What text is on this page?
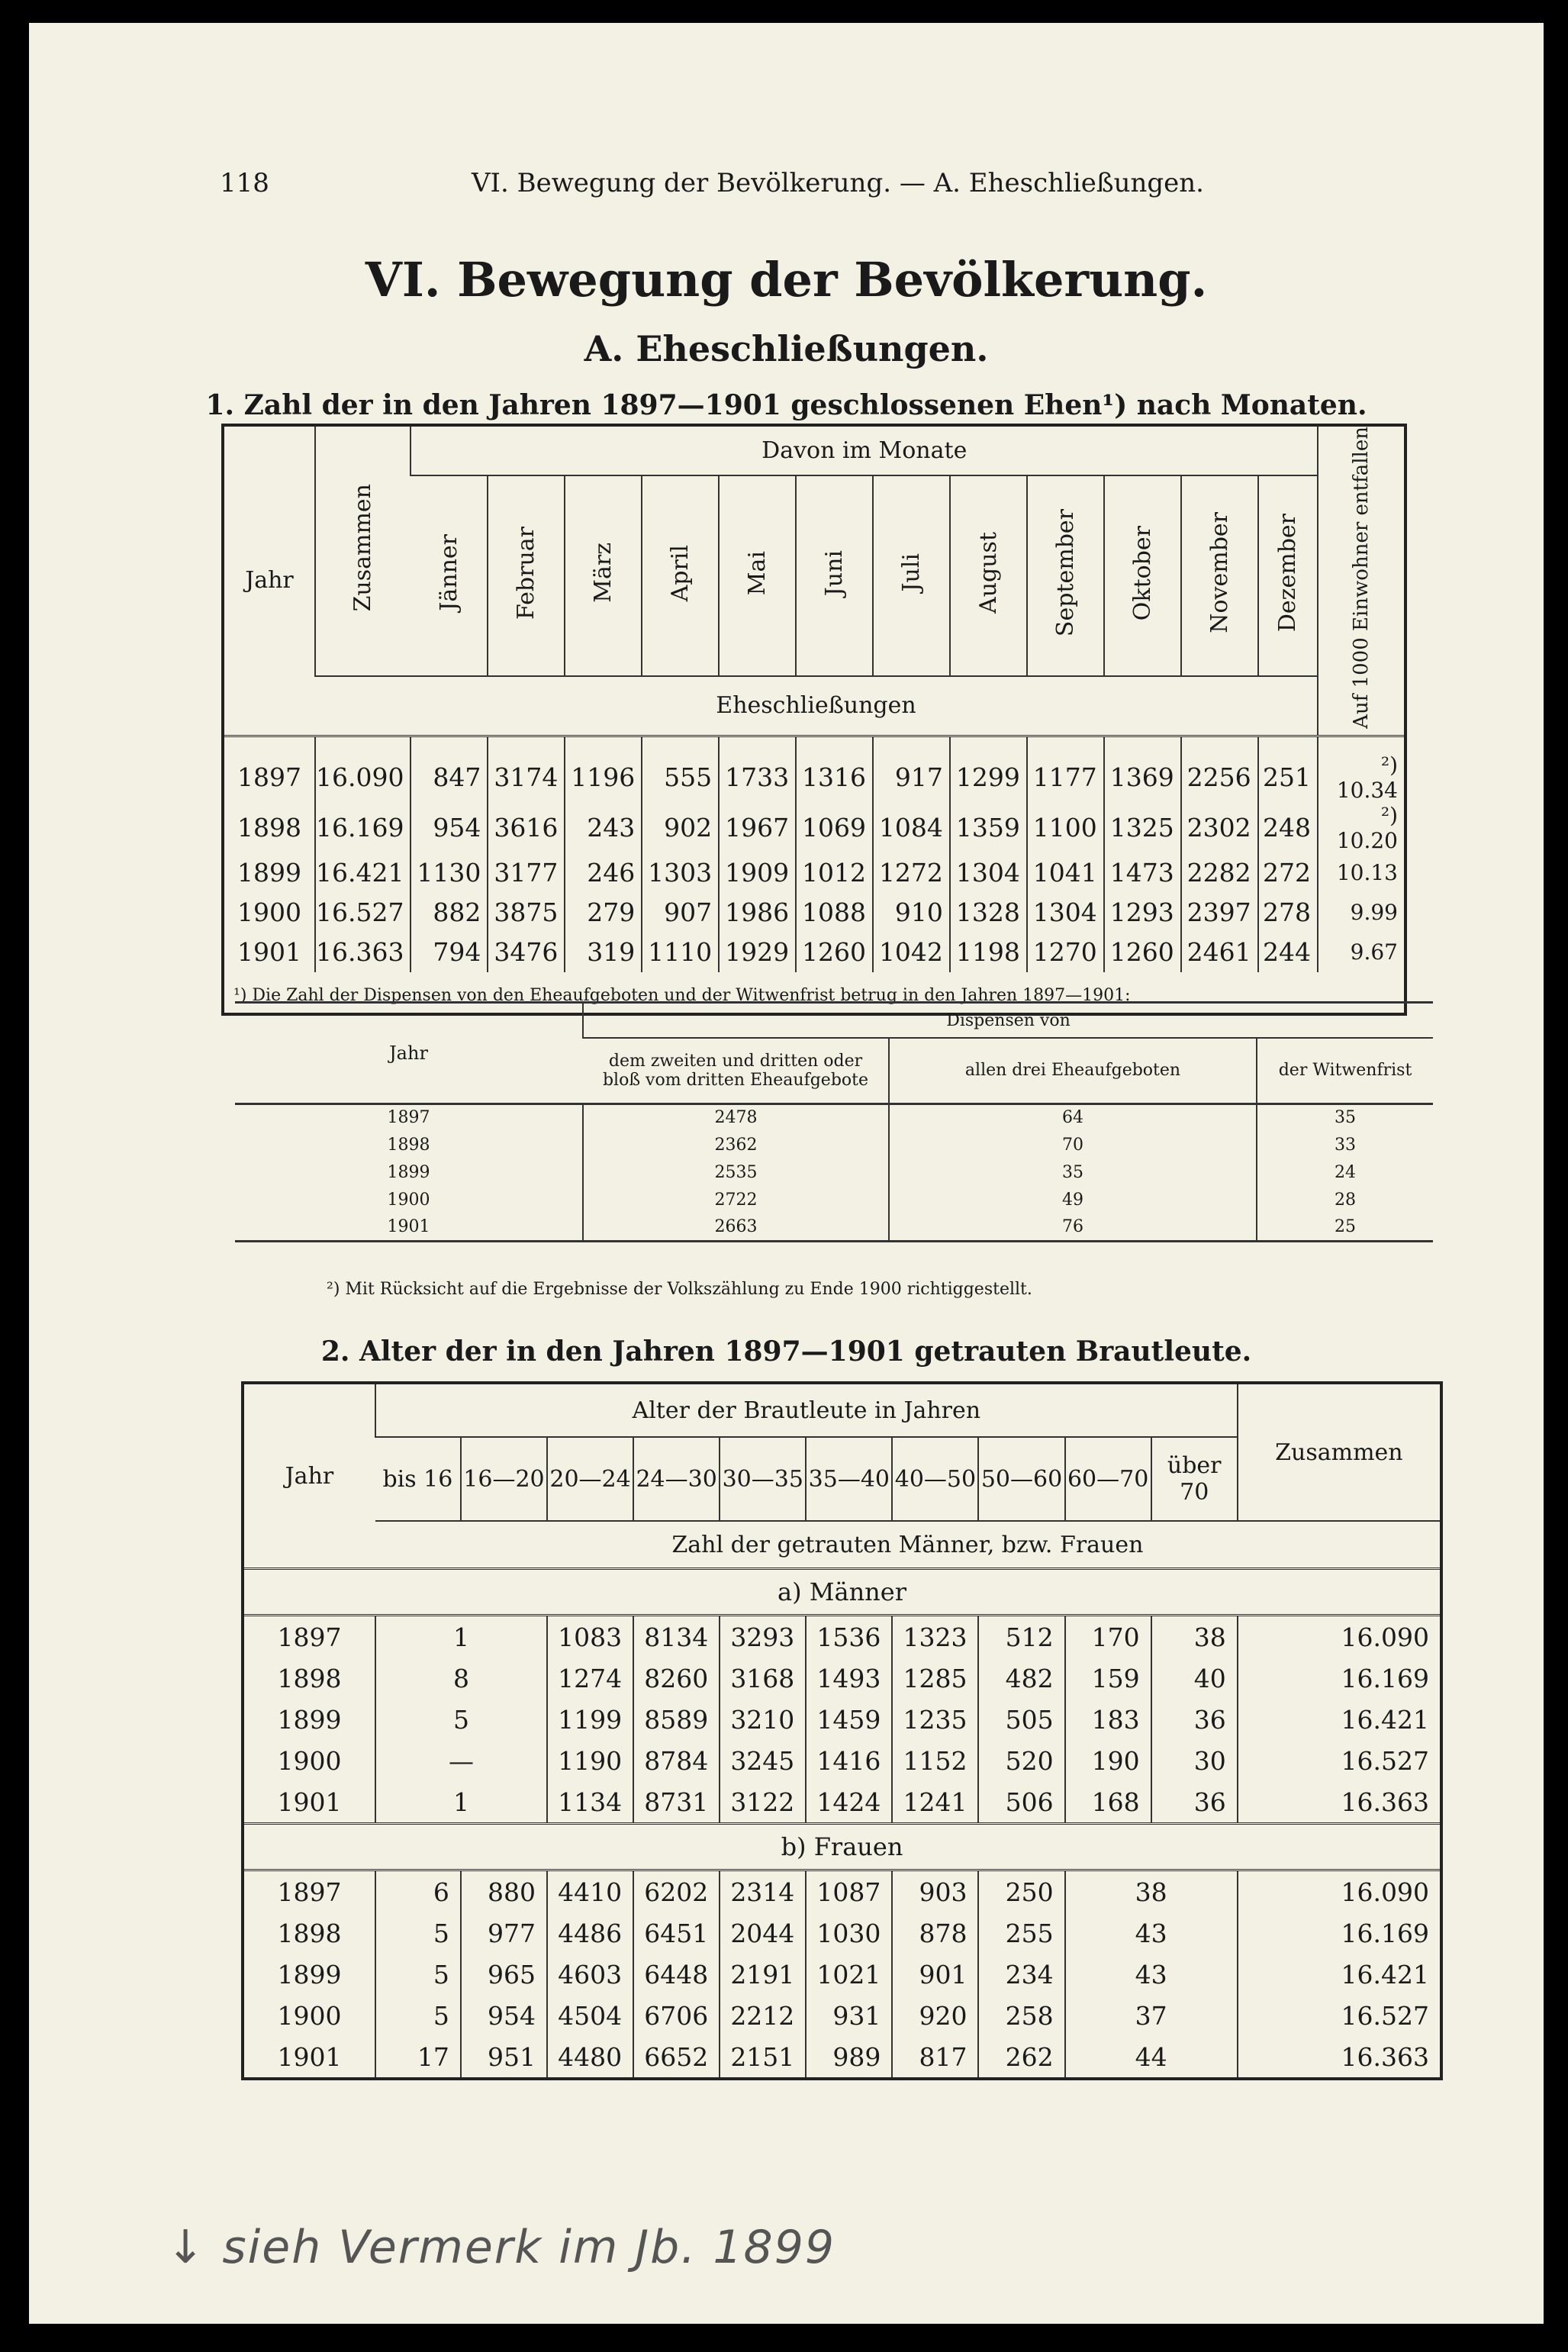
118	VI. Bewegung der Bevölkerung. — A. Eheschließungen.
VI. Bewegung der Bevölkerung.
A. Eheschließungen.
1. Zahl der in den Jahren 1897—1901 geschlossenen Ehen¹) nach Monaten.
Jahr	Zusammen	Davon im Monate												Auf 1000 Einwohner entfallen
		Jänner	Februar	März	April	Mai	Juni	Juli	August	September	Oktober	November	Dezember	
	Eheschließungen													
1897	16.090	847	3174	1196	555	1733	1316	917	1299	1177	1369	2256	251	²) 10.34
1898	16.169	954	3616	243	902	1967	1069	1084	1359	1100	1325	2302	248	²) 10.20
1899	16.421	1130	3177	246	1303	1909	1012	1272	1304	1041	1473	2282	272	10.13
1900	16.527	882	3875	279	907	1986	1088	910	1328	1304	1293	2397	278	9.99
1901	16.363	794	3476	319	1110	1929	1260	1042	1198	1270	1260	2461	244	9.67
¹) Die Zahl der Dispensen von den Eheaufgeboten und der Witwenfrist betrug in den Jahren 1897—1901:														
Jahr	Dispensen von		
	dem zweiten und dritten oder bloß vom dritten Eheaufgebote	allen drei Eheaufgeboten	der Witwenfrist
1897	2478	64	35
1898	2362	70	33
1899	2535	35	24
1900	2722	49	28
1901	2663	76	25
²) Mit Rücksicht auf die Ergebnisse der Volkszählung zu Ende 1900 richtiggestellt.
2. Alter der in den Jahren 1897—1901 getrauten Brautleute.
Jahr	Alter der Brautleute in Jahren										Zusammen
	bis 16	16—20	20—24	24—30	30—35	35—40	40—50	50—60	60—70	über 70	
	Zahl der getrauten Männer, bzw. Frauen										
a) Männer											
1897	1		1083	8134	3293	1536	1323	512	170	38	16.090
1898	8		1274	8260	3168	1493	1285	482	159	40	16.169
1899	5		1199	8589	3210	1459	1235	505	183	36	16.421
1900	—		1190	8784	3245	1416	1152	520	190	30	16.527
1901	1		1134	8731	3122	1424	1241	506	168	36	16.363
b) Frauen											
1897	6	880	4410	6202	2314	1087	903	250	38		16.090
1898	5	977	4486	6451	2044	1030	878	255	43		16.169
1899	5	965	4603	6448	2191	1021	901	234	43		16.421
1900	5	954	4504	6706	2212	931	920	258	37		16.527
1901	17	951	4480	6652	2151	989	817	262	44		16.363
↓ sieh Vermerk im Jb. 1899
